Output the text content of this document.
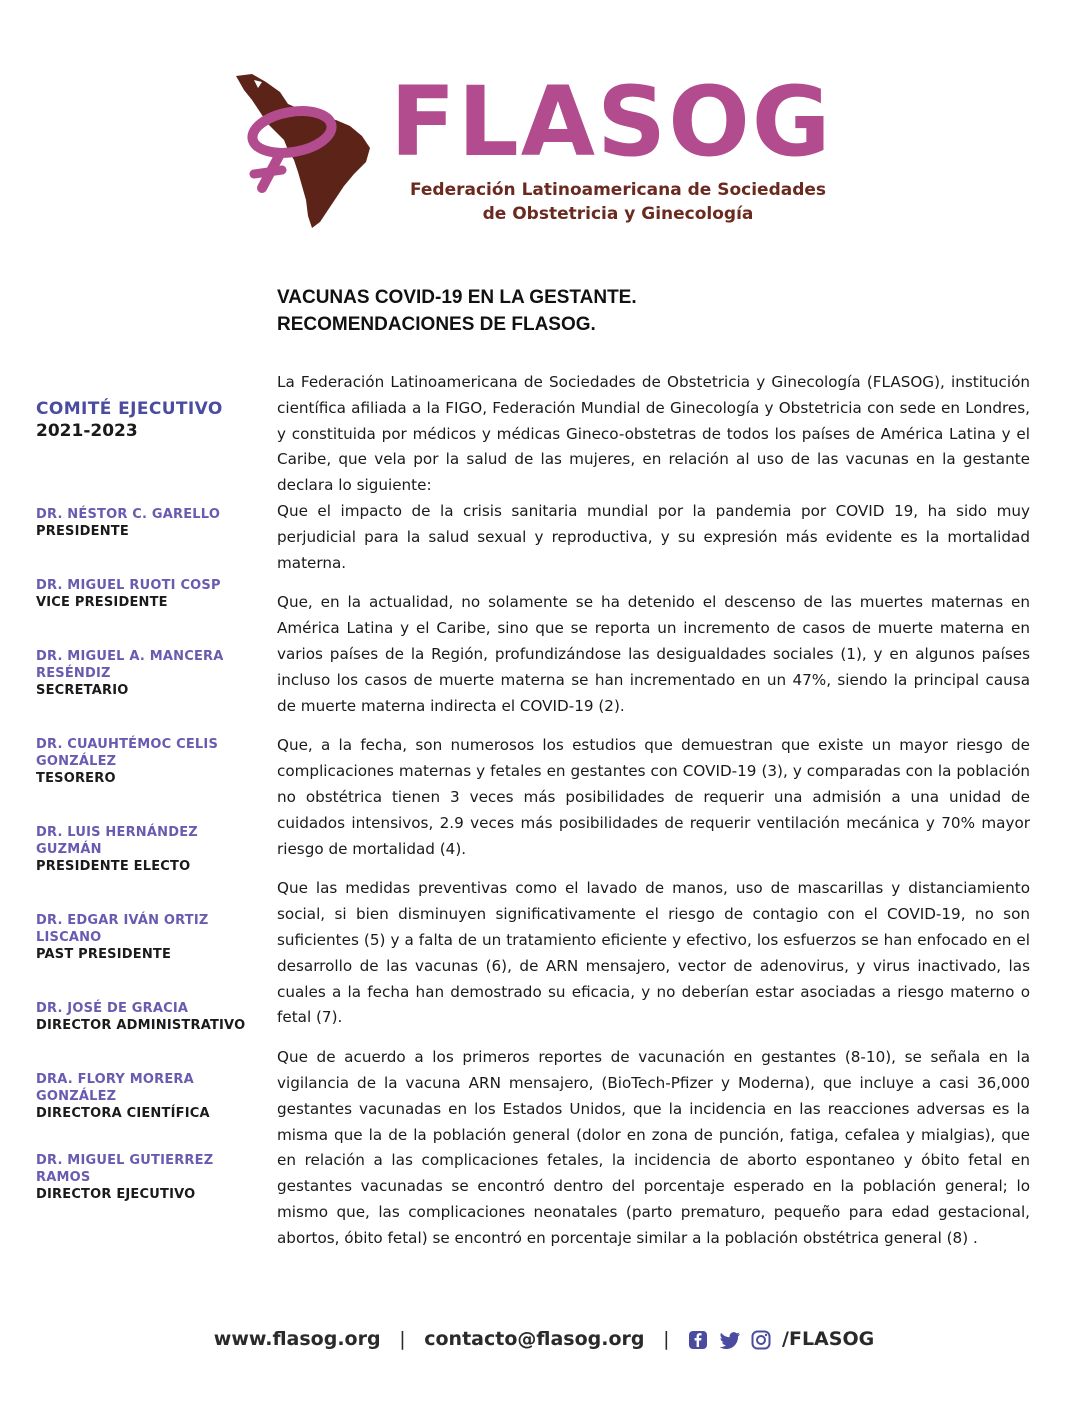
FLASOG
Federación Latinoamericana de Sociedades
de Obstetricia y Ginecología
COMITÉ EJECUTIVO
2021-2023
DR. NÉSTOR C. GARELLO
PRESIDENTE
DR. MIGUEL RUOTI COSP
VICE PRESIDENTE
DR. MIGUEL A. MANCERA RESÉNDIZ
SECRETARIO
DR. CUAUHTÉMOC CELIS GONZÁLEZ
TESORERO
DR. LUIS HERNÁNDEZ GUZMÁN
PRESIDENTE ELECTO
DR. EDGAR IVÁN ORTIZ LISCANO
PAST PRESIDENTE
DR. JOSÉ DE GRACIA
DIRECTOR ADMINISTRATIVO
DRA. FLORY MORERA GONZÁLEZ
DIRECTORA CIENTÍFICA
DR. MIGUEL GUTIERREZ RAMOS
DIRECTOR EJECUTIVO
VACUNAS COVID-19 EN LA GESTANTE.
RECOMENDACIONES DE FLASOG.

La Federación Latinoamericana de Sociedades de Obstetricia y Ginecología (FLASOG), institución científica afiliada a la FIGO, Federación Mundial de Ginecología y Obstetricia con sede en Londres, y constituida por médicos y médicas Gineco-obstetras de todos los países de América Latina y el Caribe, que vela por la salud de las mujeres, en relación al uso de las vacunas en la gestante declara lo siguiente:

Que el impacto de la crisis sanitaria mundial por la pandemia por COVID 19, ha sido muy perjudicial para la salud sexual y reproductiva, y su expresión más evidente es la mortalidad materna.

Que, en la actualidad, no solamente se ha detenido el descenso de las muertes maternas en América Latina y el Caribe, sino que se reporta un incremento de casos de muerte materna en varios países de la Región, profundizándose las desigualdades sociales (1), y en algunos países incluso los casos de muerte materna se han incrementado en un 47%, siendo la principal causa de muerte materna indirecta el COVID-19 (2).

Que, a la fecha, son numerosos los estudios que demuestran que existe un mayor riesgo de complicaciones maternas y fetales en gestantes con COVID-19 (3), y comparadas con la población no obstétrica tienen 3 veces más posibilidades de requerir una admisión a una unidad de cuidados intensivos, 2.9 veces más posibilidades de requerir ventilación mecánica y 70% mayor riesgo de mortalidad (4).

Que las medidas preventivas como el lavado de manos, uso de mascarillas y distanciamiento social, si bien disminuyen significativamente el riesgo de contagio con el COVID-19, no son suficientes (5) y a falta de un tratamiento eficiente y efectivo, los esfuerzos se han enfocado en el desarrollo de las vacunas (6), de ARN mensajero, vector de adenovirus, y virus inactivado, las cuales a la fecha han demostrado su eficacia, y no deberían estar asociadas a riesgo materno o fetal (7).

Que de acuerdo a los primeros reportes de vacunación en gestantes (8-10), se señala en la vigilancia de la vacuna ARN mensajero, (BioTech-Pfizer y Moderna), que incluye a casi 36,000 gestantes vacunadas en los Estados Unidos, que la incidencia en las reacciones adversas es la misma que la de la población general (dolor en zona de punción, fatiga, cefalea y mialgias), que en relación a las complicaciones fetales, la incidencia de aborto espontaneo y óbito fetal en gestantes vacunadas se encontró dentro del porcentaje esperado en la población general; lo mismo que, las complicaciones neonatales (parto prematuro, pequeño para edad gestacional, abortos, óbito fetal) se encontró en porcentaje similar a la población obstétrica general (8) .

www.flasog.org | contacto@flasog.org |	/FLASOG
